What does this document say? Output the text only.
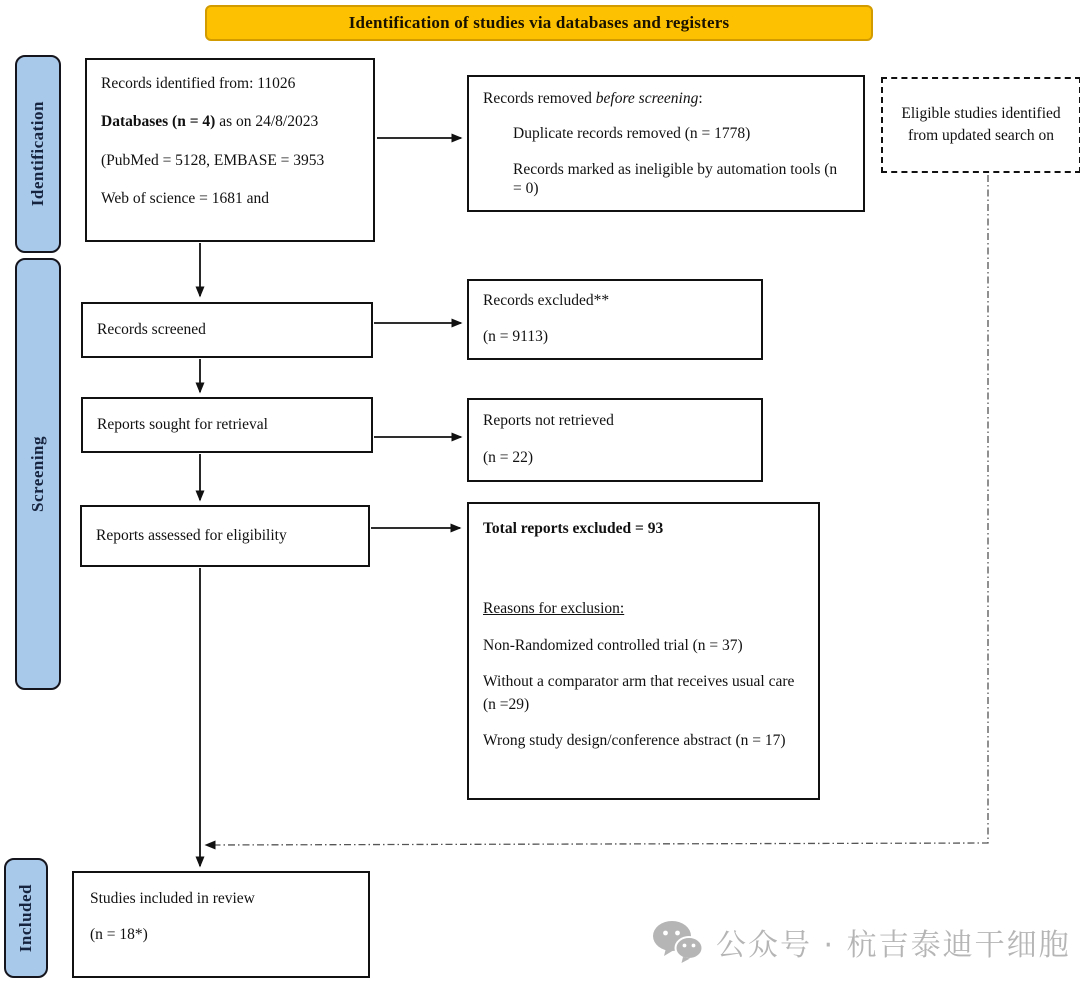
Identification of studies via databases and registers
Identification
Screening
Included

Records identified from: 11026

Databases (n = 4) as on 24/8/2023

(PubMed = 5128, EMBASE = 3953

Web of science = 1681 and

Records removed before screening:

Duplicate records removed (n = 1778)

Records marked as ineligible by automation tools (n = 0)

Eligible studies identified from updated search on
Records screened

Records excluded**

(n = 9113)

Reports sought for retrieval	Reports not retrieved

(n = 22)

Reports assessed for eligibility	Total reports excluded = 93

Reasons for exclusion:

Non-Randomized controlled trial (n = 37)

Without a comparator arm that receives usual care (n =29)

Wrong study design/conference abstract (n = 17)

Studies included in review

(n = 18*)	公众号 · 杭吉泰迪干细胞
